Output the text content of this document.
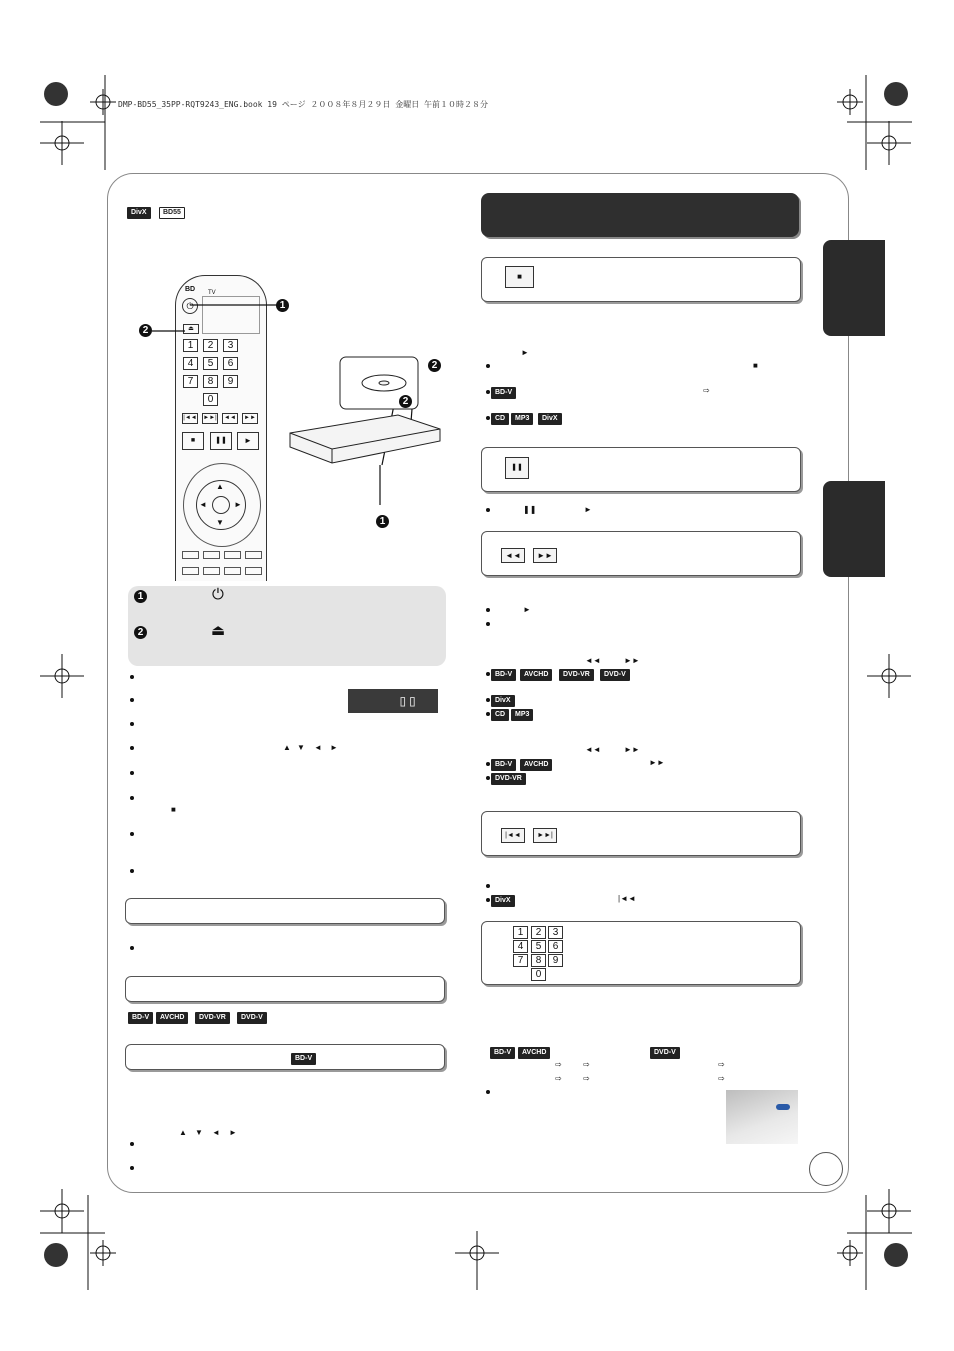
DMP-BD55_35PP-RQT9243_ENG.book 19 ページ ２００８年８月２９日 金曜日 午前１０時２８分
DivX	BD55
BD TV
⏻
⏏
1	2	3
4	5	6
7	8	9
0
|◄◄ ►►|	◄◄	►►
■	❚❚	►
▲
▼
◄	►
1
2
2
2
1
1	⏻
2	⏏
▯▯
▲ ▼ ◄ ►
■
BD-V	AVCHD	DVD-VR	DVD-V
BD-V
▲ ▼ ◄ ►
■
►
■
BD-V	⇨
CD	MP3	DivX
❚❚
❚❚	►
◄◄	►►
►
◄◄	►►
BD-V	AVCHD	DVD-VR	DVD-V
DivX
CD	MP3
◄◄	►►
BD-V	AVCHD	►►
DVD-VR
|◄◄	►►|
DivX	|◄◄
1	2	3
4	5	6
7	8	9
0
BD-V	AVCHD	DVD-V
⇨	⇨	⇨
⇨	⇨	⇨
